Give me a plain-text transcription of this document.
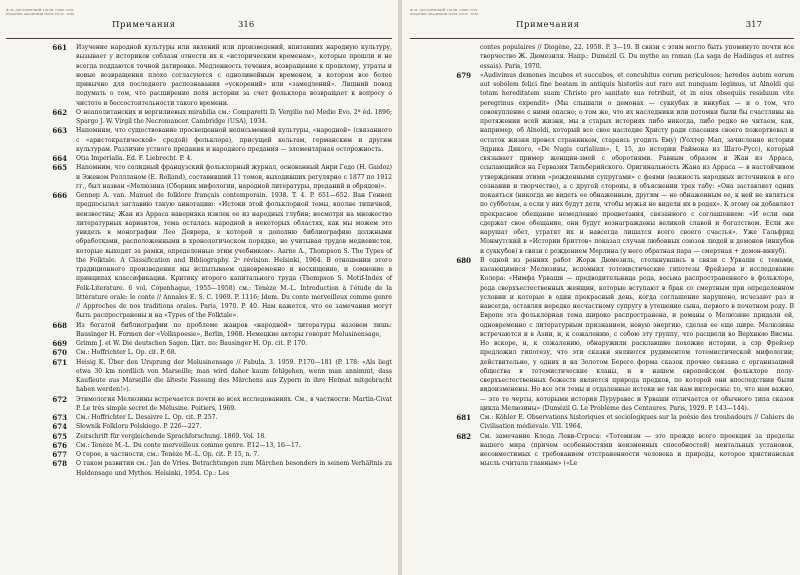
Ф. М. ДОСТОЕВСКИЙ. ПОЛН. СОБР. СОЧ.
ИЗДАНИЕ АКАДЕМИИ НАУК СССР · ТОМ
Примечания	316
661	Изучение народной культуры или явлений или произведений, впитавших народную культуру, вызывает у историков соблазн отнести их к «историческим временам», которые прошли и не всегда поддаются точной датировке. Медленность течения, возвращение к прошлому, утраты и новые возвращения плохо согласуются с однолинейным временем, в котором все более привычно для последнего распознавания «ускорений» или «замедлений». Лишний повод подумать о том, что расширение поля истории за счет фольклора возвращает к вопросу о чистоте и бессостоятельности такого времени.
662	О неаполитанских и вергилиевых mirabilia см.: Comparetti D. Vergilio nel Medio Evo. 2ª éd. 1896; Spargo J. W. Virgil the Necromancer. Cambridge (USA), 1934.
663	Напомним, что существование просвещенной неписьменной культуры, «народной» (связанного с «аристократической» средой) фольклора), присущей кельтам, германским и другим культурам. Различие устного предания и народного предания — элементарная осторожность.
664	Otia Imperialia. Ed. F. Liebrecht. P. 4.
665	Напомним, что солидный французский фольклорный журнал, основанный Анри Гедо (H. Gaidoz) и Эженом Роллланом (E. Rolland), составивший 11 томов, выходивших регулярно с 1877 по 1912 гг., был назван «Мелюзина (Сборник мифологии, народной литературы, преданий и обрядов)».
666	Gennep A. van. Manuel de folklore français contemporain. 1938. T. 4. P. 651—652. Ван Геннеп предпосылал заглавию такую аннотацию: «Истоки этой фольклорной темы, вполне типичной, неизвестны; Жан из Арраса наверняка извлек ее из народных глубин; несмотря на множество литературных вариантов, тема осталась народной в некоторых областях, как мы можем это увидеть в монографии Лео Деврера, в которой я дополню библиографию должными обработками, расположенными в хронологическом порядке, не учитывая трудов медиевистов, которые выходят за рамки, определенные этим учебником». Aarne A., Thompson S. The Types of the Folktale. A Classification and Bibliography. 2ᵉ révision. Helsinki, 1964. В отношении этого традиционного произведения мы испытываем одновременно и восхищение, и сомнение в принципах классификации. Критику второго капитального труда (Thompson S. Motif-Index of Folk-Literature. 6 vol. Copenhague, 1955—1958) см.: Tenèze M.-L. Introduction à l'étude de la littérature orale: le conte // Annales E. S. C. 1969. P. 1116; Idem. Du conte merveilleux comme genre // Approches de nos traditions orales. Paris, 1970. P. 40. Нам кажется, что ее замечания могут быть распространены и на «Types of the Folktale».
668	Из богатой библиографии по проблеме жанров «народной» литературы назовем лишь: Bausinger H. Formen der «Volkspoesie», Berlin, 1968. Немецкие авторы говорят Melusinensage,
669	Grimm J. et W. Die deutschen Sagen. Цит. по: Bausinger H. Op. cit. P. 170.
670	См.: Hoffrichter L. Op. cit. P. 68.
671	Heisig K. Über den Ursprung der Melusinensage // Fabula. 3. 1959. P.170—181 (P. 178: «Als liegt etwa 30 km nordlich von Marseille; man wird daher kaum fehlgehen, wenn man annimmt, dass Kaufleute aus Marseille die älteste Fassung des Märchens aus Zypern in ihre Heimat mitgebracht haben werden!»).
672	Этимология Мелюзины встречается почти во всех исследованиях. См., в частности: Martin-Civat P. Le très simple secret de Mélusine. Poitiers, 1969.
673	См.: Hoffrichter L. Desaivre L. Op. cit. P. 257.
674	Słownik Folkloru Polskiego. P. 226—227.
675	Zeitschrift für vergleichende Sprachforschung. 1869. Vol. 18.
676	См.: Tenèze M.-L. Du conte merveilleux comme genre. P.12—13, 16—17.
677	О герое, в частности, см.: Tenèze M.-L. Op. cit. P. 15, n. 7.
678	О таком развитии см.: Jan de Vries. Betrachtungen zum Märchen besonders in seinem Verhältnis zu Heldensage und Mythos. Helsinki, 1954. Ср.: Les
Ф. М. ДОСТОЕВСКИЙ. ПОЛН. СОБР. СОЧ.
ИЗДАНИЕ АКАДЕМИИ НАУК СССР · ТОМ
Примечания	317
contes populaires // Diogène, 22. 1958. P. 3—19. В связи с этим могло быть упомянуто почти все творчество Ж. Дюмезиля. Напр.: Dumézil G. Du mythe au roman (La saga de Hadingus et autres essais). Paris, 1970.
679	«Audivimus demones incubos et succubos, et concubitus corum periculosos; heredes autem eorum aut sobolem felici fine beatam in antiquis historiis aut raro aut nunquam legimus, ut Alnoldi qui totam hereditatem suam Christo pro sanitate sua retribuit, et in eius obsequiis residuum vite peregrinus expendit» (Мы слышали о демонах — суккубах и инкубах — и о том, что совокупление с ними опасно; о том же, что их наследники или потомки были бы счастливы на протяжении всей жизни, мы в старых историях либо никогда, либо редко не читаем, как, например, об Alnoldi, который все свое наследие Христу ради спасения своего пожертвовал и остаток жизни провел странником, стараясь угодить Ему) (Уолтер Мап, зачисление истории Эдрика Дикого, «De Nugis curialium», I, 15, до истории Раймона из Шато-Русс), который связывает пример женщин-змей с оборотнями. Равным образом и Жан из Арраса, ссылающийся на Гервазия Тильберийского. Оригинальность Жана из Арраса — в настойчивом утверждении этими «рожденными супругами» с феями (важность народных источников в его сознании и творчестве), а с другой стороны, в объяснении трех табу: «Она заставляет одних покаяться (никогда не видеть ее обнаженным, другим — не обнаженным ее, к ней не являться по субботам, а если у них будут дети, чтобы мужья не видели их в родах». К этому он добавляет прекрасное обещание немедленно процветания, связанного с соглашением: «И если они сдержат свое обещание, они будут вознаграждены великой славой и богатством. Если же нарушат обет, утратят их и навсегда лишатся всего своего счастья». Уже Гальфрид Монмутский в «Истории бриттов» показал случаи любовных союзов людей и демонов (инкубов и суккубов) в связи с рождением Мерлина (у него обратная пара — смертная + демон-инкуб).
680	В одной из ранних работ Жорж Дюмезиль, столкнувшись в связи с Урваши с темами, касающимися Мелюзины, вспомнил тотемистические гипотезы Фрейзера и исследование Колера: «Нимфа Урваши — предводительница рода, весьма распространенного в фольклоре, рода сверхъестественных женщин, которые вступают в брак со смертным при определенном условии и которые в один прекрасный день, когда соглашение нарушено, исчезают раз и навсегда, оставляя нередко несчастному супругу в утешение сына, первого в почетном роду. В Европе эта фольклорная тема широко распространена, и романы о Мелюзине придали ей, одновременно с литературным признанием, новую энергию, сделав ее еще шире. Мелюзины встречаются и в Азии, и, к сожалению, с собою эту группу, что расцвели во Верхнюю Висмы. Но вскоре, и, к сожалению, обнаружили расклавшие похожие истории, а сэр Фрейзер предложил гипотезу, что эти сказки являются рудиментом тотемистической мифологии; действительно, у одних и на Золотом Береге форма сказок прочно связана с организацией общества в тотемистические кланы, и в нашем европейском фольклоре полу-сверхъестественных божеств является природа предков, по которой они впоследствии были видоизменены. Но все эти темы и отдаленные истоки не так нам интересны: то, что нам важно, — это те черты, которыми история Пуруравас и Урваши отличается от обычного типа сказок цикла Мелюзины» (Dumézil G. Le Problème des Centaures. Paris, 1929. P. 143—144).
681	См.: Köhler E. Observations historiques et sociologiques sur la poésie des troubadours // Cahiers de Civilisation médiévale. VII. 1964.
682	См. замечание Клода Леви-Строса: «Тотемизм — это прежде всего проекция за пределы нашего мира (причем особенностями неизменных способностей) ментальных установок, несовместимых с требованием отстраненности человека и природы, которое христианская мысль считала главным» («Le
